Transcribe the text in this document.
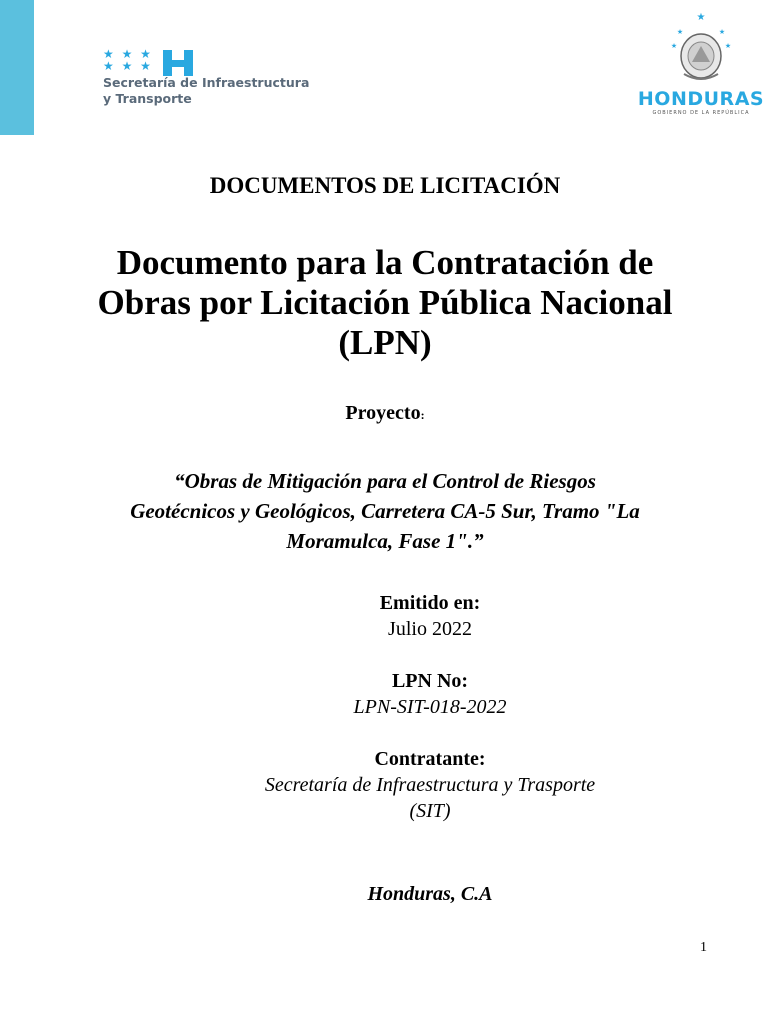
★ ★ ★
★ ★ ★
Secretaría de Infraestructura
y Transporte
★
★	★
★	★
HONDURAS
GOBIERNO DE LA REPÚBLICA
DOCUMENTOS DE LICITACIÓN
Documento para la Contratación de
Obras por Licitación Pública Nacional
(LPN)
Proyecto:
“Obras de Mitigación para el Control de Riesgos
Geotécnicos y Geológicos, Carretera CA-5 Sur, Tramo "La
Moramulca, Fase 1".”
Emitido en:
Julio 2022
LPN No:
LPN-SIT-018-2022
Contratante:
Secretaría de Infraestructura y Trasporte
(SIT)
Honduras, C.A
1
